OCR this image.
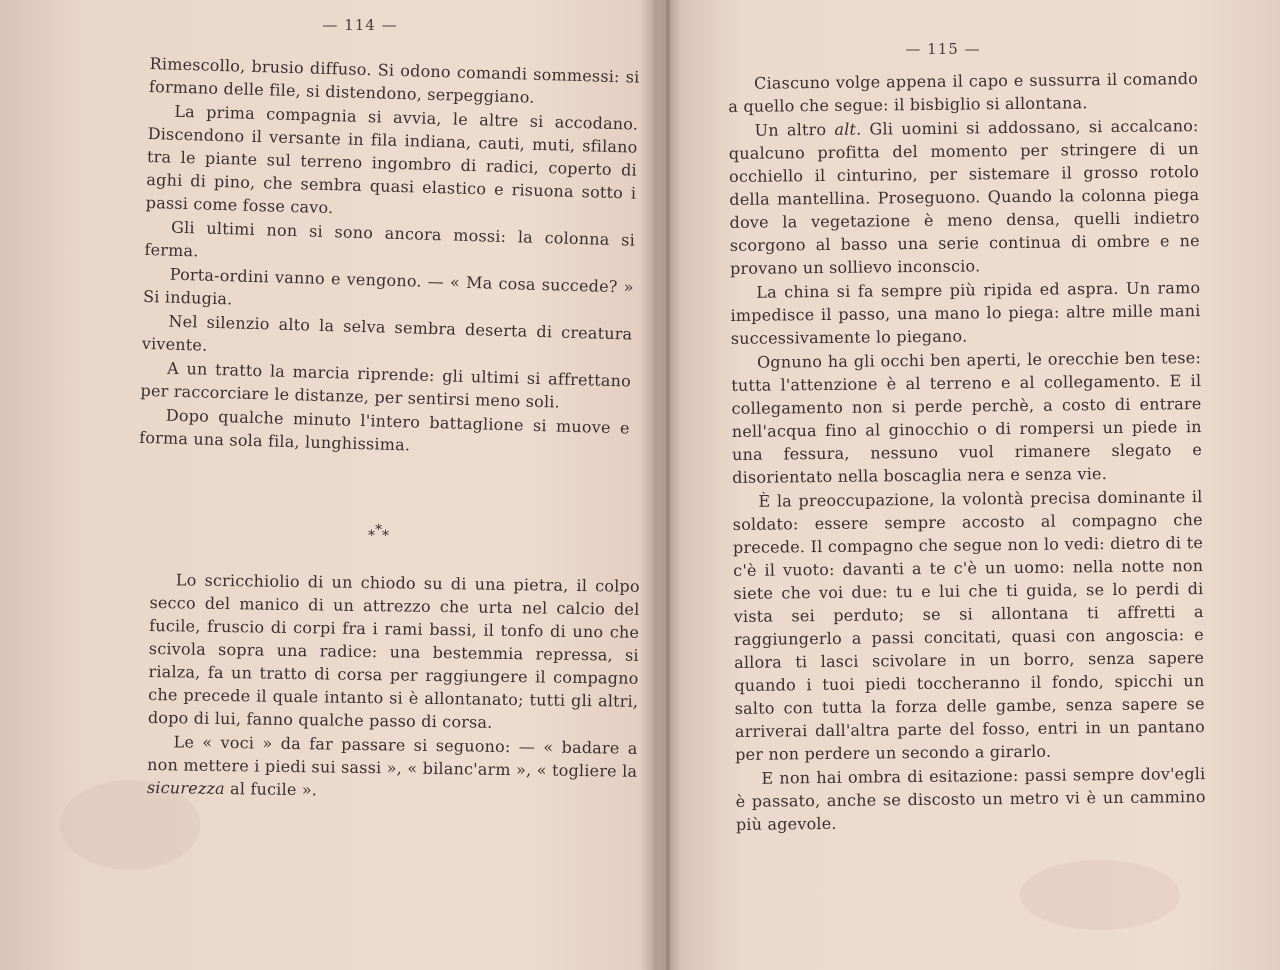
— 114 —

Rimescollo, brusio diffuso. Si odono comandi sommessi: si formano delle file, si distendono, serpeggiano.

La prima compagnia si avvia, le altre si accodano. Discendono il versante in fila indiana, cauti, muti, sfilano tra le piante sul terreno ingombro di radici, coperto di aghi di pino, che sembra quasi elastico e risuona sotto i passi come fosse cavo.

Gli ultimi non si sono ancora mossi: la colonna si ferma.

Porta-ordini vanno e vengono. — « Ma cosa succede? » Si indugia.

Nel silenzio alto la selva sembra deserta di creatura vivente.

A un tratto la marcia riprende: gli ultimi si affrettano per raccorciare le distanze, per sentirsi meno soli.

Dopo qualche minuto l'intero battaglione si muove e forma una sola fila, lunghissima.

***

Lo scricchiolio di un chiodo su di una pietra, il colpo secco del manico di un attrezzo che urta nel calcio del fucile, fruscio di corpi fra i rami bassi, il tonfo di uno che scivola sopra una radice: una bestemmia repressa, si rialza, fa un tratto di corsa per raggiungere il compagno che precede il quale intanto si è allontanato; tutti gli altri, dopo di lui, fanno qualche passo di corsa.

Le « voci » da far passare si seguono: — « badare a non mettere i piedi sui sassi », « bilanc'arm », « togliere la sicurezza al fucile ».

— 115 —

Ciascuno volge appena il capo e sussurra il comando a quello che segue: il bisbiglio si allontana.

Un altro alt. Gli uomini si addossano, si accalcano: qualcuno profitta del momento per stringere di un occhiello il cinturino, per sistemare il grosso rotolo della mantellina. Proseguono. Quando la colonna piega dove la vegetazione è meno densa, quelli indietro scorgono al basso una serie continua di ombre e ne provano un sollievo inconscio.

La china si fa sempre più ripida ed aspra. Un ramo impedisce il passo, una mano lo piega: altre mille mani successivamente lo piegano.

Ognuno ha gli occhi ben aperti, le orecchie ben tese: tutta l'attenzione è al terreno e al collegamento. E il collegamento non si perde perchè, a costo di entrare nell'acqua fino al ginocchio o di rompersi un piede in una fessura, nessuno vuol rimanere slegato e disorientato nella boscaglia nera e senza vie.

È la preoccupazione, la volontà precisa dominante il soldato: essere sempre accosto al compagno che precede. Il compagno che segue non lo vedi: dietro di te c'è il vuoto: davanti a te c'è un uomo: nella notte non siete che voi due: tu e lui che ti guida, se lo perdi di vista sei perduto; se si allontana ti affretti a raggiungerlo a passi concitati, quasi con angoscia: e allora ti lasci scivolare in un borro, senza sapere quando i tuoi piedi toccheranno il fondo, spicchi un salto con tutta la forza delle gambe, senza sapere se arriverai dall'altra parte del fosso, entri in un pantano per non perdere un secondo a girarlo.

E non hai ombra di esitazione: passi sempre dov'egli è passato, anche se discosto un metro vi è un cammino più agevole.
